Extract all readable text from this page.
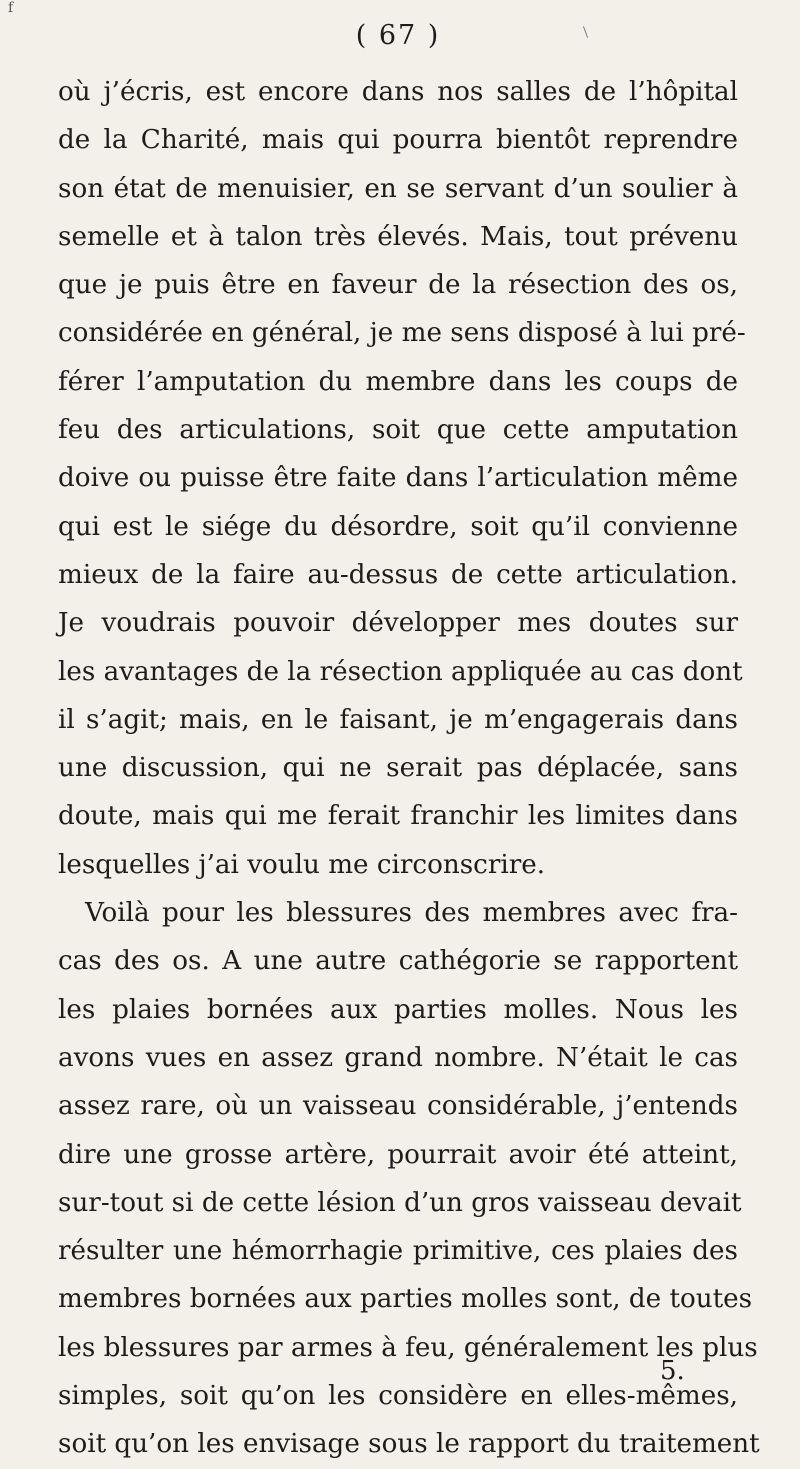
f
( 67 )
où j’écris, est encore dans nos salles de l’hôpital
de la Charité, mais qui pourra bientôt reprendre
son état de menuisier, en se servant d’un soulier à
semelle et à talon très élevés. Mais, tout prévenu
que je puis être en faveur de la résection des os,
considérée en général, je me sens disposé à lui pré-
férer l’amputation du membre dans les coups de
feu des articulations, soit que cette amputation
doive ou puisse être faite dans l’articulation même
qui est le siége du désordre, soit qu’il convienne
mieux de la faire au-dessus de cette articulation.
Je voudrais pouvoir développer mes doutes sur
les avantages de la résection appliquée au cas dont
il s’agit; mais, en le faisant, je m’engagerais dans
une discussion, qui ne serait pas déplacée, sans
doute, mais qui me ferait franchir les limites dans
lesquelles j’ai voulu me circonscrire.
Voilà pour les blessures des membres avec fra-
cas des os. A une autre cathégorie se rapportent
les plaies bornées aux parties molles. Nous les
avons vues en assez grand nombre. N’était le cas
assez rare, où un vaisseau considérable, j’entends
dire une grosse artère, pourrait avoir été atteint,
sur-tout si de cette lésion d’un gros vaisseau devait
résulter une hémorrhagie primitive, ces plaies des
membres bornées aux parties molles sont, de toutes
les blessures par armes à feu, généralement les plus
simples, soit qu’on les considère en elles-mêmes,
soit qu’on les envisage sous le rapport du traitement
5.
